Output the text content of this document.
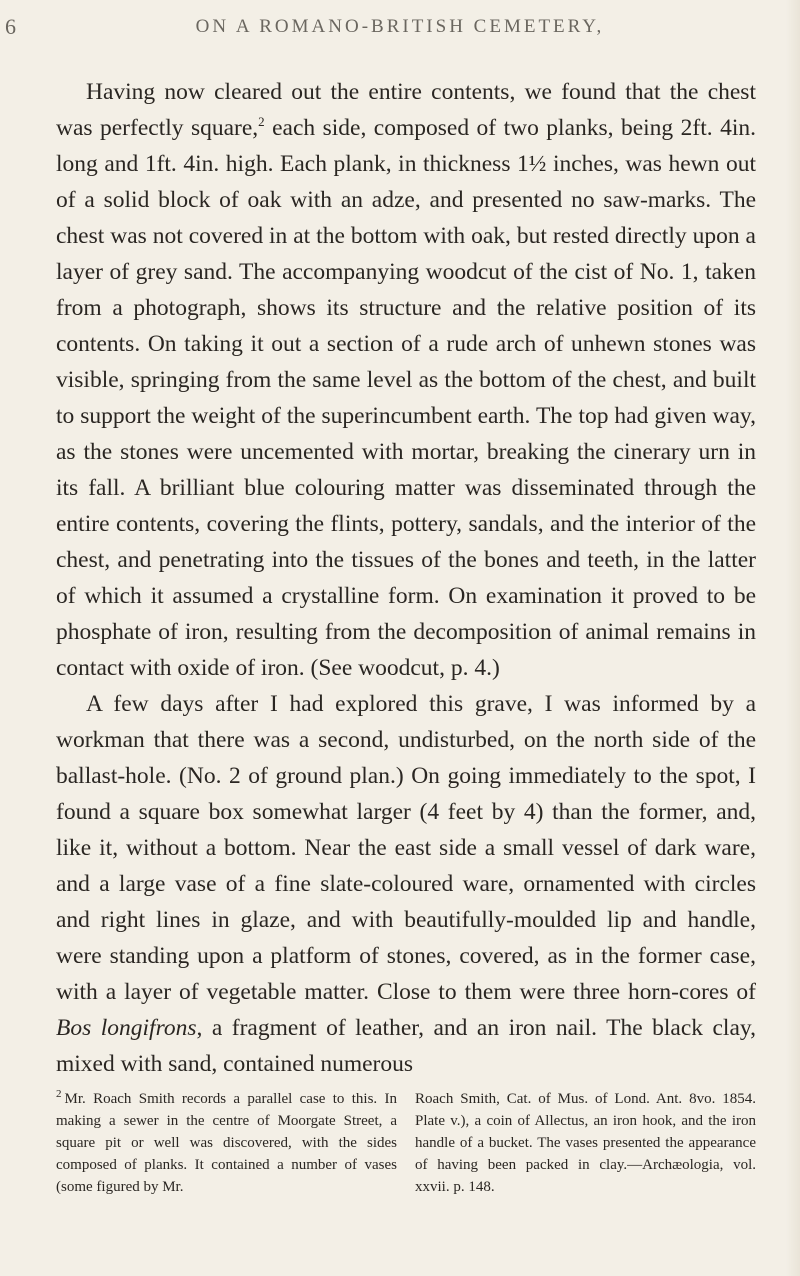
6	ON A ROMANO-BRITISH CEMETERY,

Having now cleared out the entire contents, we found that the chest was perfectly square,$^2$ each side, composed of two planks, being 2ft. 4in. long and 1ft. 4in. high. Each plank, in thickness 1½ inches, was hewn out of a solid block of oak with an adze, and presented no saw-marks. The chest was not covered in at the bottom with oak, but rested directly upon a layer of grey sand. The accompanying woodcut of the cist of No. 1, taken from a photograph, shows its structure and the relative position of its contents. On taking it out a section of a rude arch of unhewn stones was visible, springing from the same level as the bottom of the chest, and built to support the weight of the superincumbent earth. The top had given way, as the stones were uncemented with mortar, breaking the cinerary urn in its fall. A brilliant blue colouring matter was disseminated through the entire contents, covering the flints, pottery, sandals, and the interior of the chest, and penetrating into the tissues of the bones and teeth, in the latter of which it assumed a crystalline form. On examination it proved to be phosphate of iron, resulting from the decomposition of animal remains in contact with oxide of iron. (See woodcut, p. 4.)

A few days after I had explored this grave, I was informed by a workman that there was a second, undisturbed, on the north side of the ballast-hole. (No. 2 of ground plan.) On going immediately to the spot, I found a square box somewhat larger (4 feet by 4) than the former, and, like it, without a bottom. Near the east side a small vessel of dark ware, and a large vase of a fine slate-coloured ware, ornamented with circles and right lines in glaze, and with beautifully-moulded lip and handle, were standing upon a platform of stones, covered, as in the former case, with a layer of vegetable matter. Close to them were three horn-cores of Bos longifrons, a fragment of leather, and an iron nail. The black clay, mixed with sand, contained numerous

$^2$ Mr. Roach Smith records a parallel case to this. In making a sewer in the centre of Moorgate Street, a square pit or well was discovered, with the sides composed of planks. It contained a number of vases (some figured by Mr.
Roach Smith, Cat. of Mus. of Lond. Ant. 8vo. 1854. Plate v.), a coin of Allectus, an iron hook, and the iron handle of a bucket. The vases presented the appearance of having been packed in clay.—Archæologia, vol. xxvii. p. 148.
